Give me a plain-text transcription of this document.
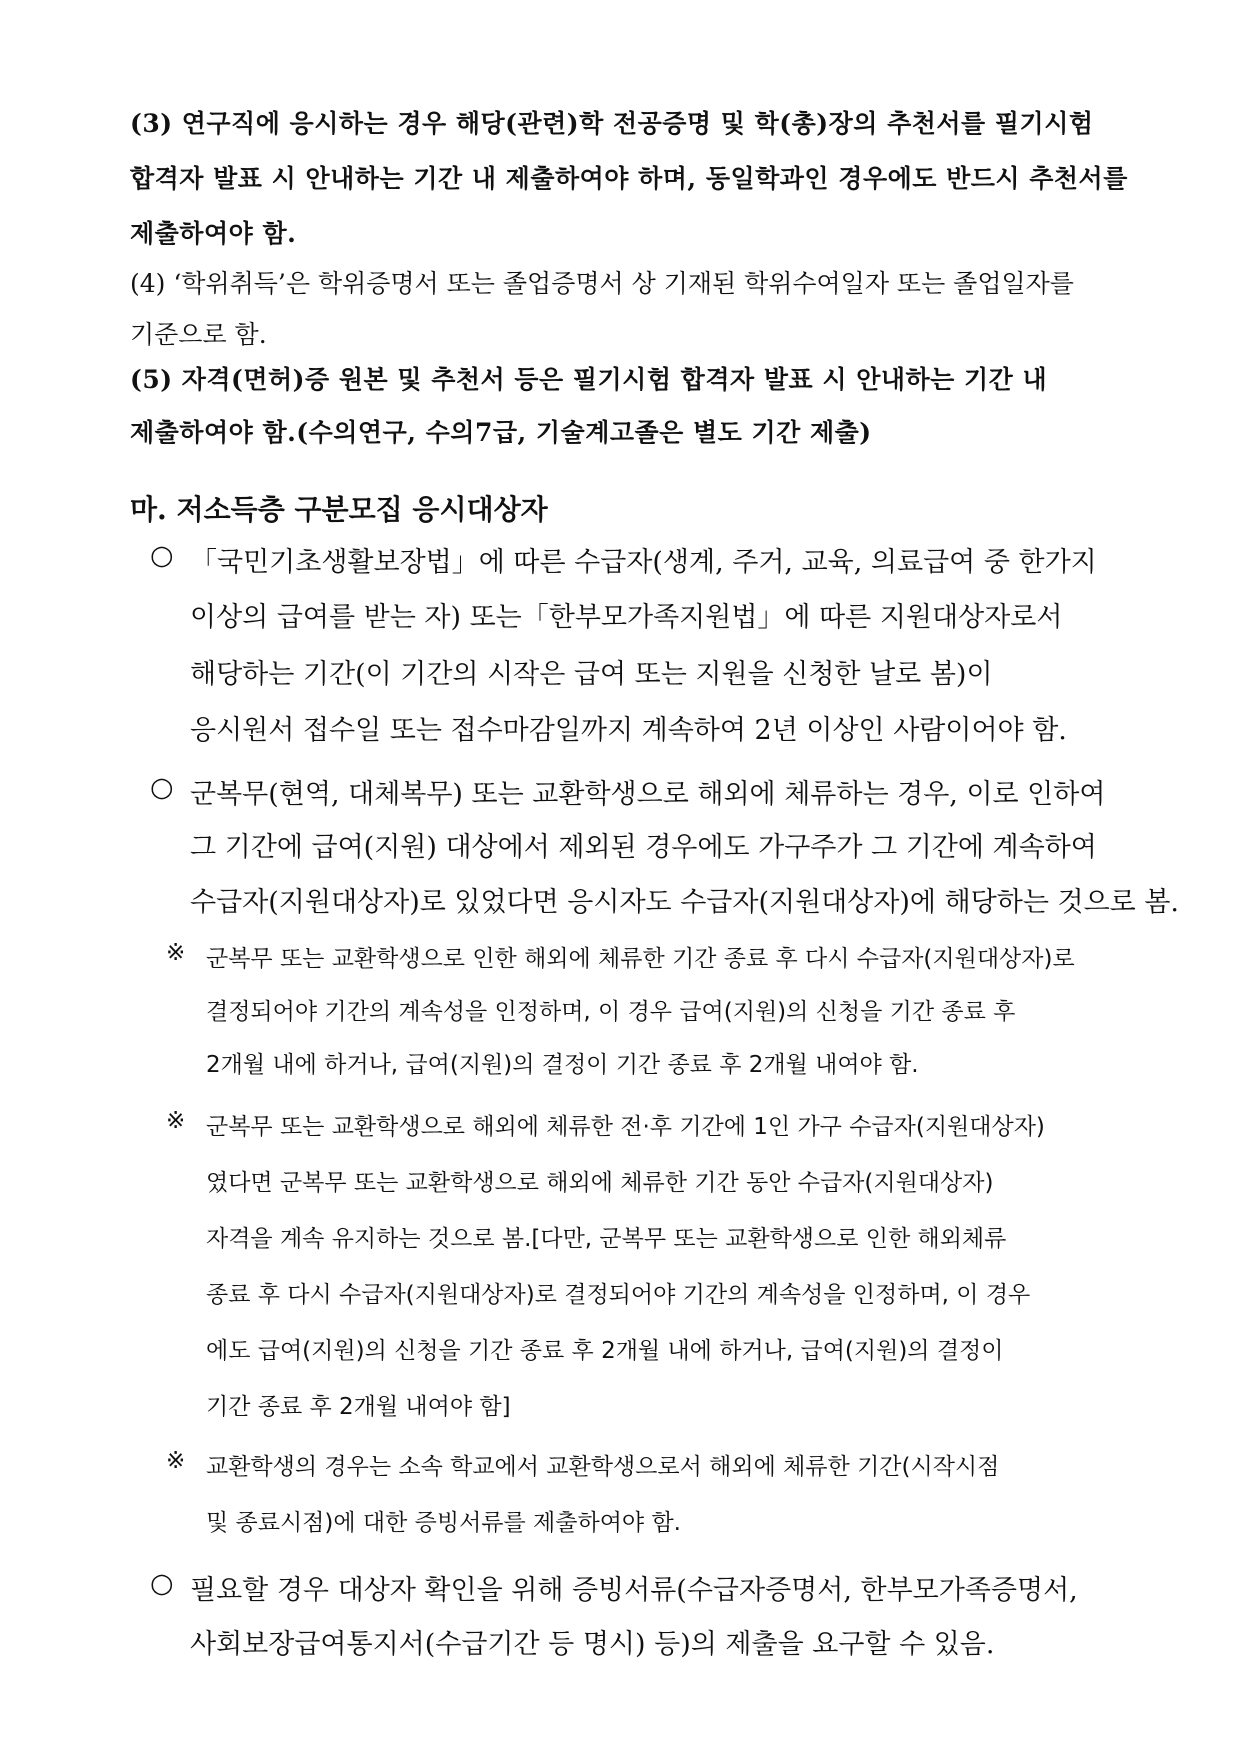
(3) 연구직에 응시하는 경우 해당(관련)학 전공증명 및 학(총)장의 추천서를 필기시험
합격자 발표 시 안내하는 기간 내 제출하여야 하며, 동일학과인 경우에도 반드시 추천서를
제출하여야 함.
(4) ‘학위취득’은 학위증명서 또는 졸업증명서 상 기재된 학위수여일자 또는 졸업일자를
기준으로 함.
(5) 자격(면허)증 원본 및 추천서 등은 필기시험 합격자 발표 시 안내하는 기간 내
제출하여야 함.(수의연구, 수의7급, 기술계고졸은 별도 기간 제출)
마. 저소득층 구분모집 응시대상자
○ 「국민기초생활보장법」에 따른 수급자(생계, 주거, 교육, 의료급여 중 한가지
이상의 급여를 받는 자) 또는「한부모가족지원법」에 따른 지원대상자로서
해당하는 기간(이 기간의 시작은 급여 또는 지원을 신청한 날로 봄)이
응시원서 접수일 또는 접수마감일까지 계속하여 2년 이상인 사람이어야 함.
○ 군복무(현역, 대체복무) 또는 교환학생으로 해외에 체류하는 경우, 이로 인하여
그 기간에 급여(지원) 대상에서 제외된 경우에도 가구주가 그 기간에 계속하여
수급자(지원대상자)로 있었다면 응시자도 수급자(지원대상자)에 해당하는 것으로 봄.
※ 군복무 또는 교환학생으로 인한 해외에 체류한 기간 종료 후 다시 수급자(지원대상자)로
결정되어야 기간의 계속성을 인정하며, 이 경우 급여(지원)의 신청을 기간 종료 후
2개월 내에 하거나, 급여(지원)의 결정이 기간 종료 후 2개월 내여야 함.
※ 군복무 또는 교환학생으로 해외에 체류한 전·후 기간에 1인 가구 수급자(지원대상자)
였다면 군복무 또는 교환학생으로 해외에 체류한 기간 동안 수급자(지원대상자)
자격을 계속 유지하는 것으로 봄.[다만, 군복무 또는 교환학생으로 인한 해외체류
종료 후 다시 수급자(지원대상자)로 결정되어야 기간의 계속성을 인정하며, 이 경우
에도 급여(지원)의 신청을 기간 종료 후 2개월 내에 하거나, 급여(지원)의 결정이
기간 종료 후 2개월 내여야 함]
※ 교환학생의 경우는 소속 학교에서 교환학생으로서 해외에 체류한 기간(시작시점
및 종료시점)에 대한 증빙서류를 제출하여야 함.
○ 필요할 경우 대상자 확인을 위해 증빙서류(수급자증명서, 한부모가족증명서,
사회보장급여통지서(수급기간 등 명시) 등)의 제출을 요구할 수 있음.
